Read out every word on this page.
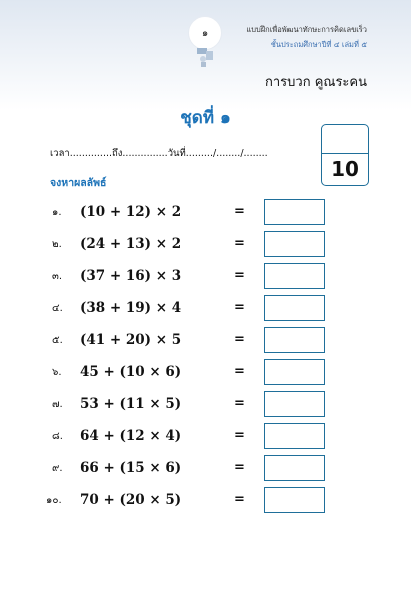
๑	แบบฝึกเพื่อพัฒนาทักษะการคิดเลขเร็ว
ชั้นประถมศึกษาปีที่ ๔ เล่มที่ ๕
การบวก คูณระคน
ชุดที่ ๑
เวลา..............ถึง...............วันที่........./......../........
10
จงหาผลลัพธ์
๑. (10 + 12) × 2	=
๒. (24 + 13) × 2	=
๓. (37 + 16) × 3	=
๔. (38 + 19) × 4	=
๕. (41 + 20) × 5	=
๖. 45 + (10 × 6)	=
๗. 53 + (11 × 5)	=
๘. 64 + (12 × 4)	=
๙. 66 + (15 × 6)	=
๑๐. 70 + (20 × 5)	=
